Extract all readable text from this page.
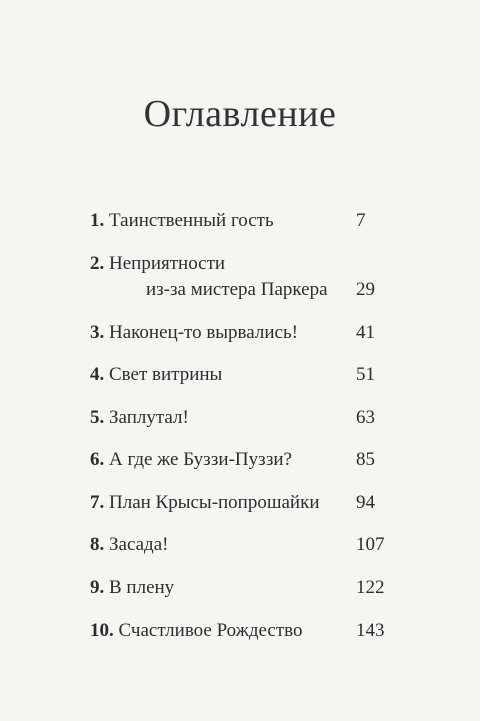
Оглавление
1. Таинственный гость	7
2. Неприятности
из-за мистера Паркера	29
3. Наконец-то вырвались!	41
4. Свет витрины	51
5. Заплутал!	63
6. А где же Буззи-Пуззи?	85
7. План Крысы-попрошайки 94
8. Засада!	107
9. В плену	122
10. Счастливое Рождество	143
